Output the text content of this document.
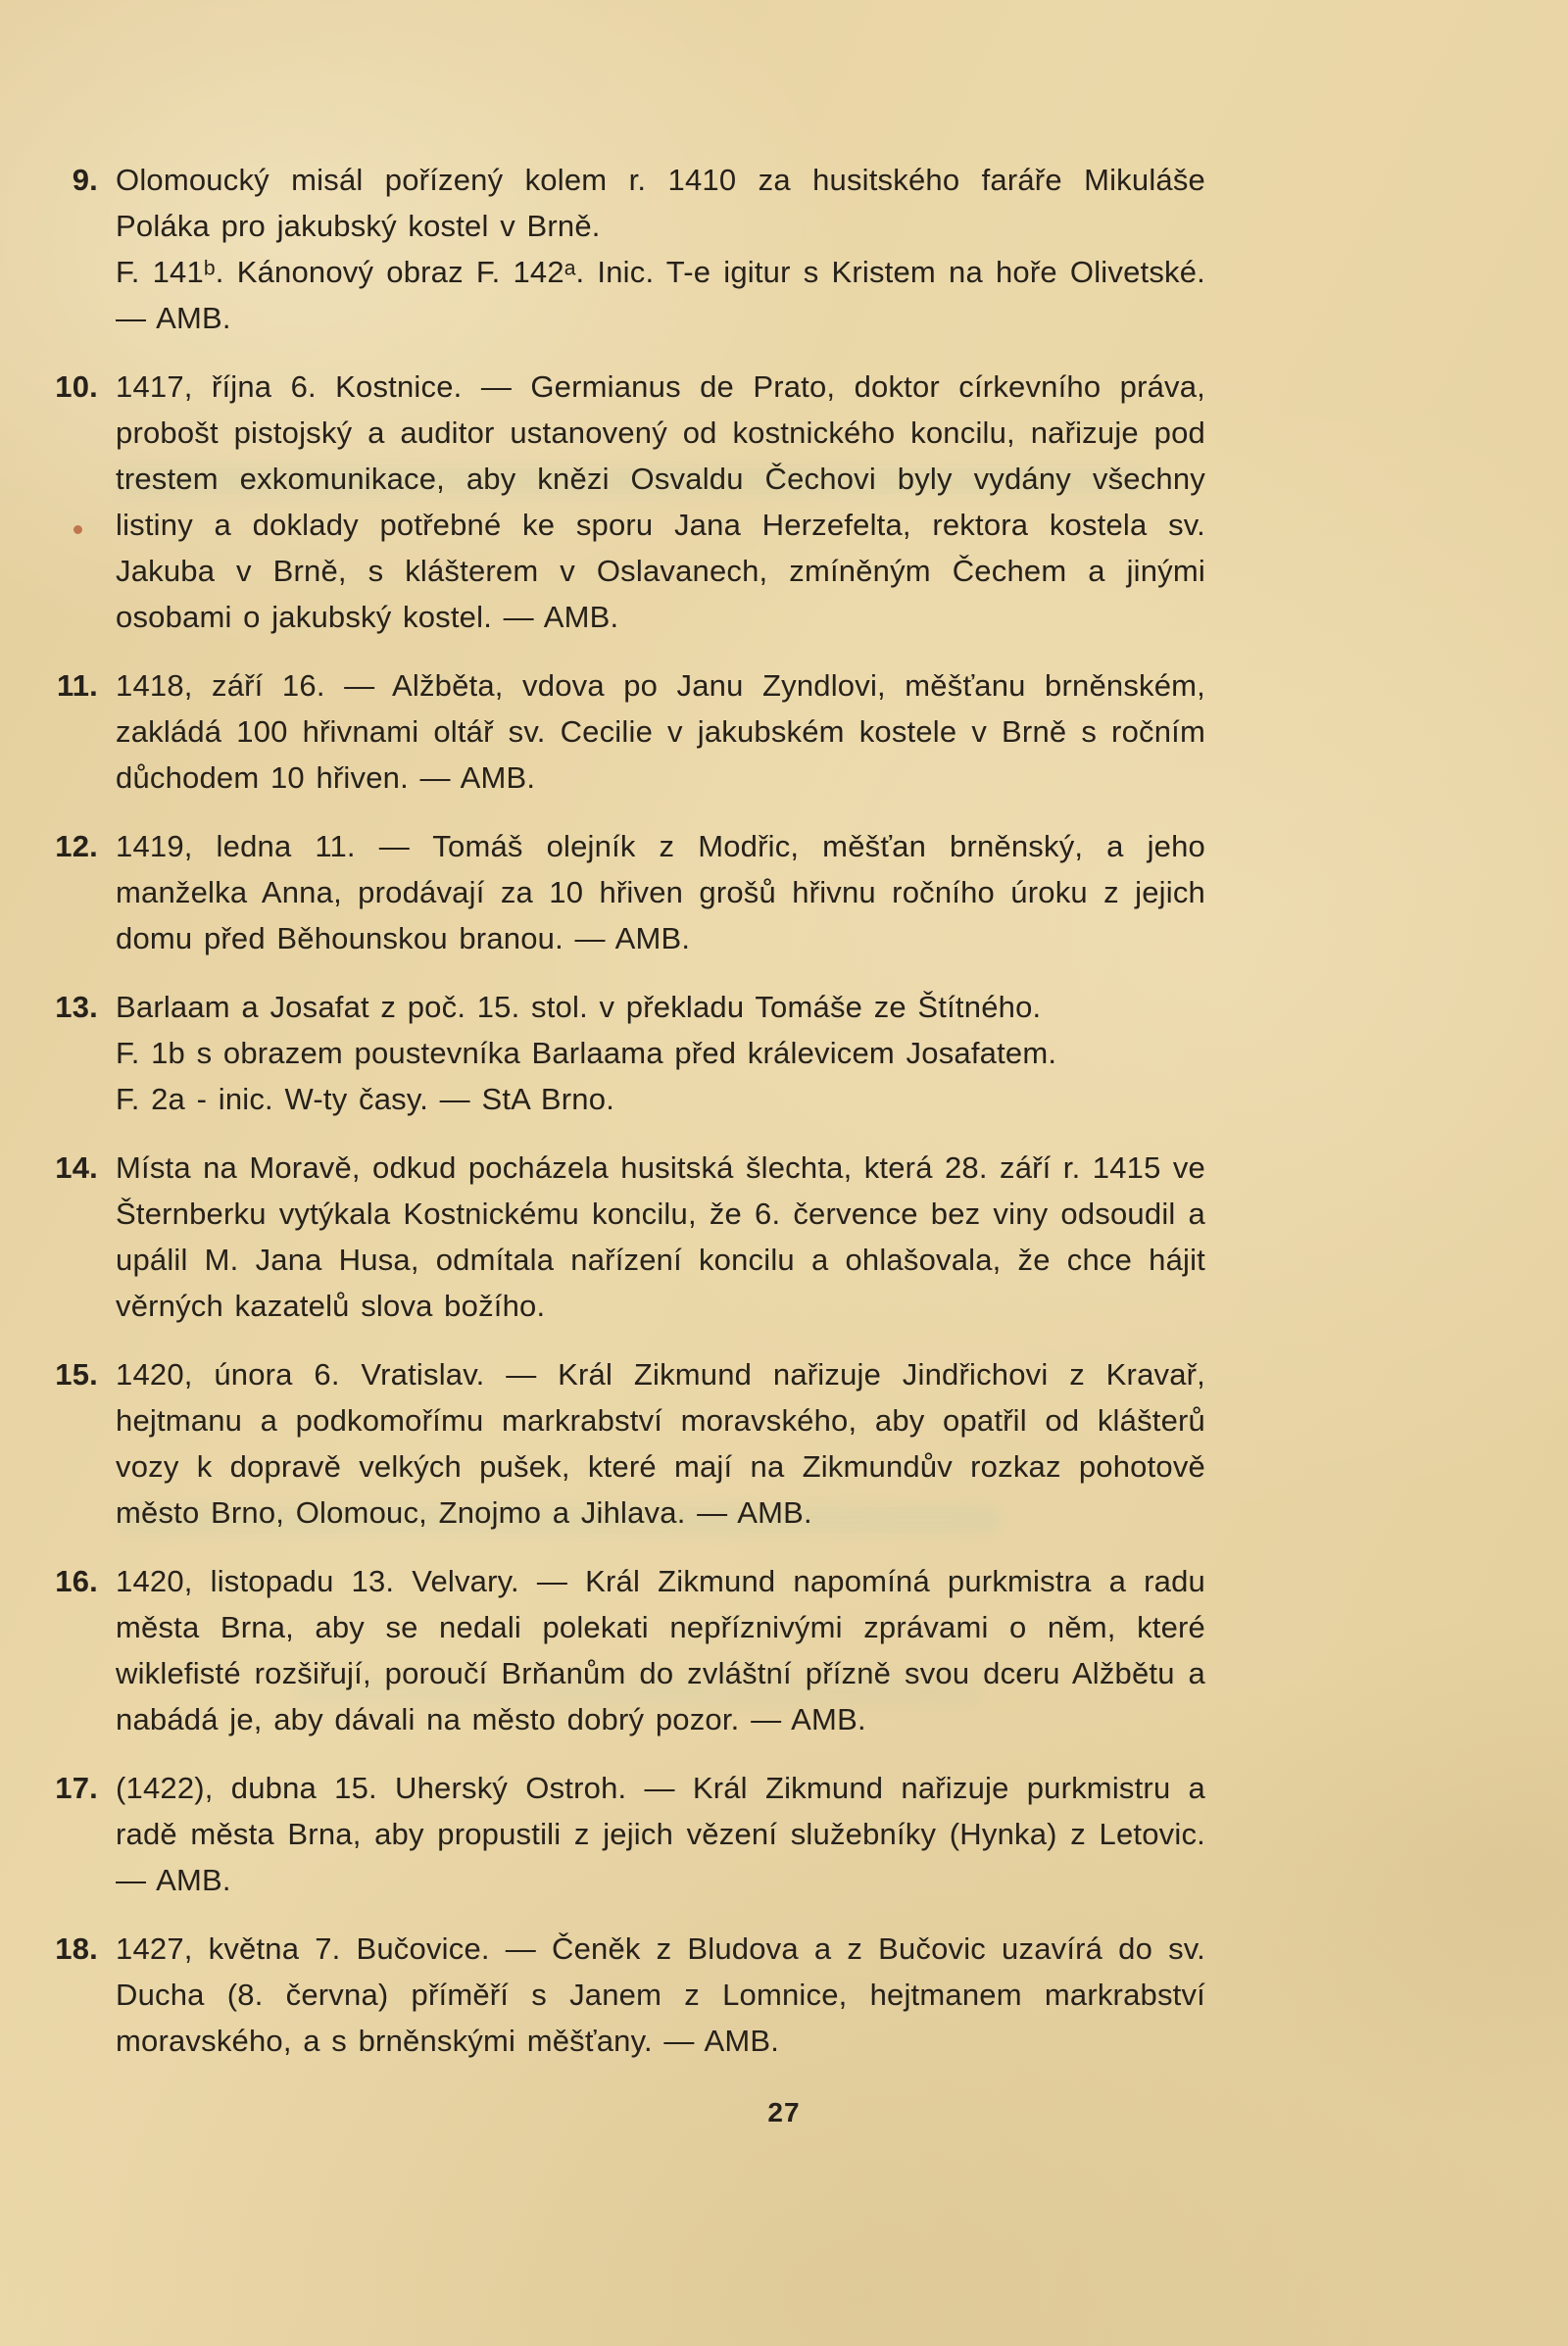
9. Olomoucký misál pořízený kolem r. 1410 za husitského faráře Mikuláše Poláka pro jakubský kostel v Brně.

F. 141ᵇ. Kánonový obraz F. 142ᵃ. Inic. T-e igitur s Kristem na hoře Olivetské. — AMB.

10. 1417, října 6. Kostnice. — Germianus de Prato, doktor církevního práva, probošt pistojský a auditor ustanovený od kostnického koncilu, nařizuje pod trestem exkomunikace, aby knězi Osvaldu Čechovi byly vydány všechny listiny a doklady potřebné ke sporu Jana Herzefelta, rektora kostela sv. Jakuba v Brně, s klášterem v Oslavanech, zmíněným Čechem a jinými osobami o jakubský kostel. — AMB.

11. 1418, září 16. — Alžběta, vdova po Janu Zyndlovi, měšťanu brněnském, zakládá 100 hřivnami oltář sv. Cecilie v jakubském kostele v Brně s ročním důchodem 10 hřiven. — AMB.

12. 1419, ledna 11. — Tomáš olejník z Modřic, měšťan brněnský, a jeho manželka Anna, prodávají za 10 hřiven grošů hřivnu ročního úroku z jejich domu před Běhounskou branou. — AMB.

13. Barlaam a Josafat z poč. 15. stol. v překladu Tomáše ze Štítného.

F. 1b s obrazem poustevníka Barlaama před králevicem Josafatem.

F. 2a - inic. W-ty časy. — StA Brno.

14. Místa na Moravě, odkud pocházela husitská šlechta, která 28. září r. 1415 ve Šternberku vytýkala Kostnickému koncilu, že 6. července bez viny odsoudil a upálil M. Jana Husa, odmítala nařízení koncilu a ohlašovala, že chce hájit věrných kazatelů slova božího.

15. 1420, února 6. Vratislav. — Král Zikmund nařizuje Jindřichovi z Kravař, hejtmanu a podkomořímu markrabství moravského, aby opatřil od klášterů vozy k dopravě velkých pušek, které mají na Zikmundův rozkaz pohotově město Brno, Olomouc, Znojmo a Jihlava. — AMB.

16. 1420, listopadu 13. Velvary. — Král Zikmund napomíná purkmistra a radu města Brna, aby se nedali polekati nepříznivými zprávami o něm, které wiklefisté rozšiřují, poroučí Brňanům do zvláštní přízně svou dceru Alžbětu a nabádá je, aby dávali na město dobrý pozor. — AMB.

17. (1422), dubna 15. Uherský Ostroh. — Král Zikmund nařizuje purkmistru a radě města Brna, aby propustili z jejich vězení služebníky (Hynka) z Letovic. — AMB.

18. 1427, května 7. Bučovice. — Čeněk z Bludova a z Bučovic uzavírá do sv. Ducha (8. června) příměří s Janem z Lomnice, hejtmanem markrabství moravského, a s brněnskými měšťany. — AMB.

27
